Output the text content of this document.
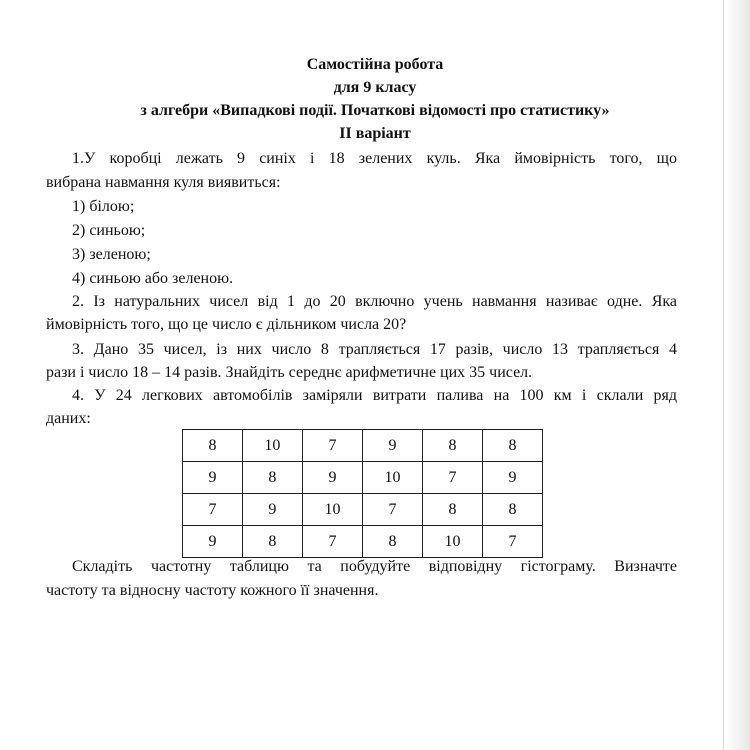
Самостійна робота
для 9 класу
з алгебри «Випадкові події. Початкові відомості про статистику»
II варіант
1.У коробці лежать 9 синіх і 18 зелених куль. Яка ймовірність того, що
вибрана навмання куля виявиться:
1) білою;
2) синьою;
3) зеленою;
4) синьою або зеленою.
2. Із натуральних чисел від 1 до 20 включно учень навмання називає одне. Яка
ймовірність того, що це число є дільником числа 20?
3. Дано 35 чисел, із них число 8 трапляється 17 разів, число 13 трапляється 4
рази і число 18 – 14 разів. Знайдіть середнє арифметичне цих 35 чисел.
4. У 24 легкових автомобілів заміряли витрати палива на 100 км і склали ряд
даних:
8	10	7	9	8	8
9	8	9	10	7	9
7	9	10	7	8	8
9	8	7	8	10	7
Складіть частотну таблицю та побудуйте відповідну гістограму. Визначте
частоту та відносну частоту кожного її значення.
